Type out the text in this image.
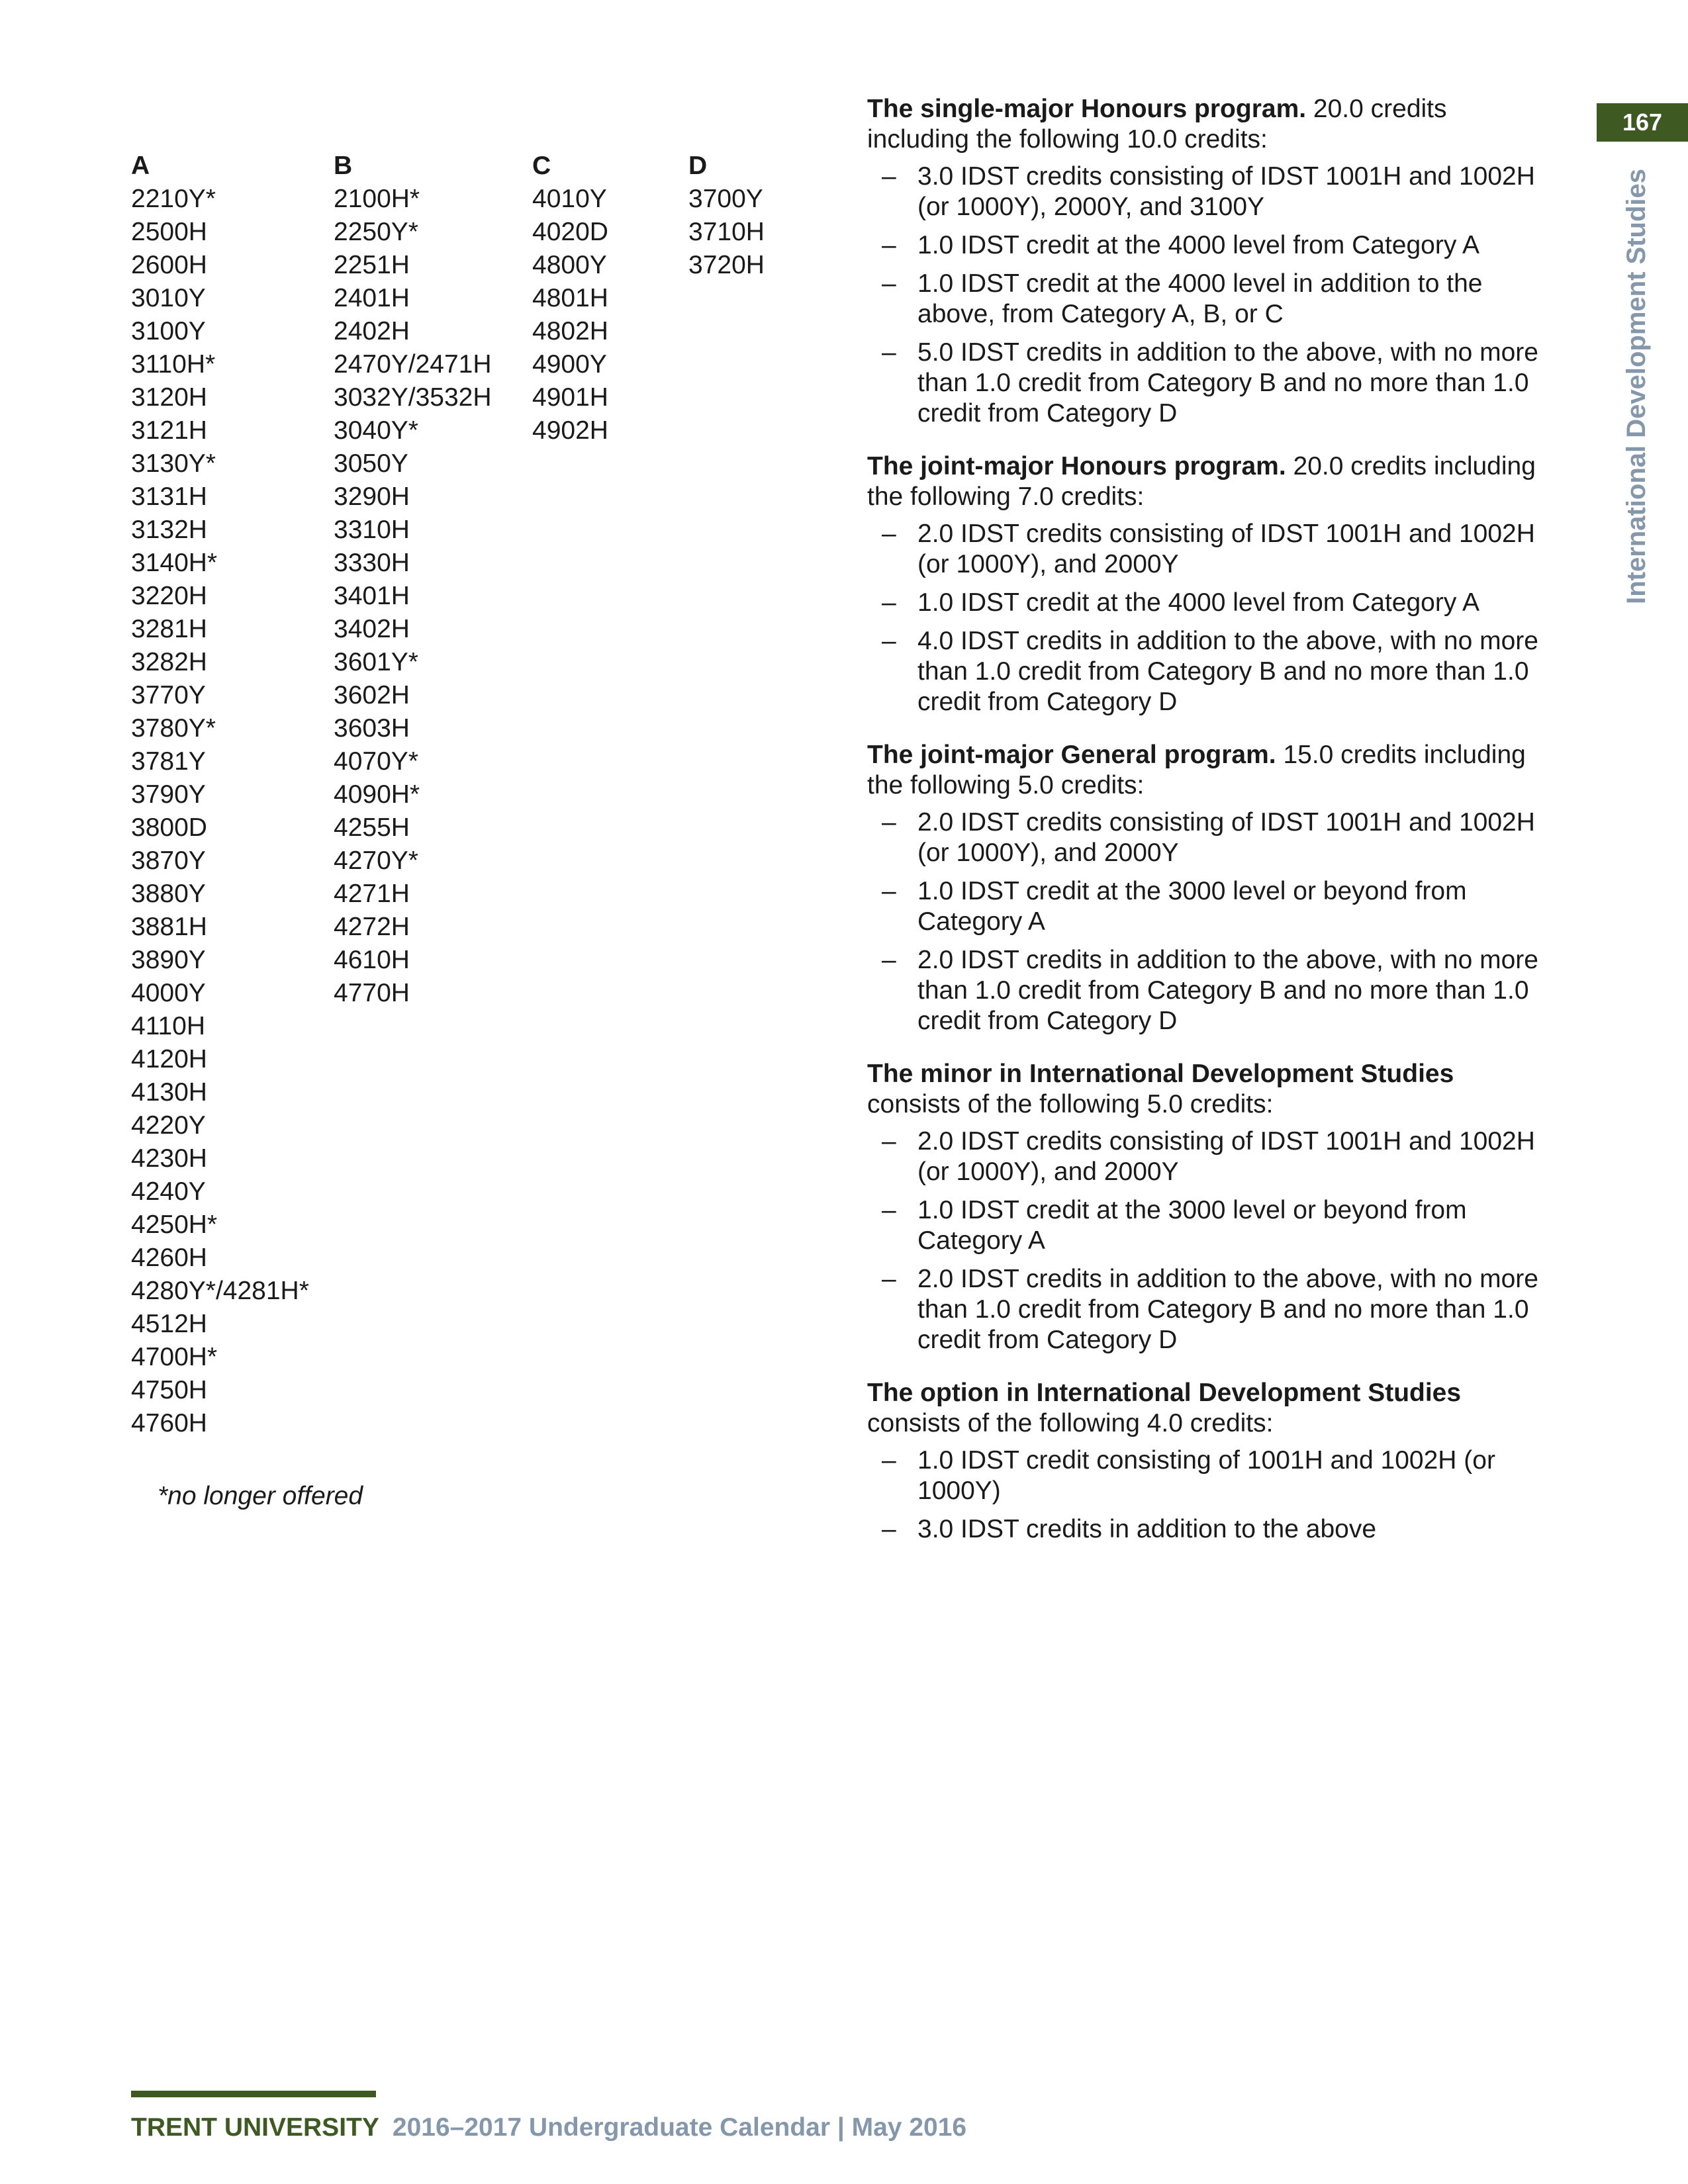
167
International Development Studies
A
2210Y*
2500H
2600H
3010Y
3100Y
3110H*
3120H
3121H
3130Y*
3131H
3132H
3140H*
3220H
3281H
3282H
3770Y
3780Y*
3781Y
3790Y
3800D
3870Y
3880Y
3881H
3890Y
4000Y
4110H
4120H
4130H
4220Y
4230H
4240Y
4250H*
4260H
4280Y*/4281H*
4512H
4700H*
4750H
4760H
B
2100H*
2250Y*
2251H
2401H
2402H
2470Y/2471H
3032Y/3532H
3040Y*
3050Y
3290H
3310H
3330H
3401H
3402H
3601Y*
3602H
3603H
4070Y*
4090H*
4255H
4270Y*
4271H
4272H
4610H
4770H
C
4010Y
4020D
4800Y
4801H
4802H
4900Y
4901H
4902H
D
3700Y
3710H
3720H
*no longer offered
The single-major Honours program. 20.0 credits including the following 10.0 credits:
– 3.0 IDST credits consisting of IDST 1001H and 1002H (or 1000Y), 2000Y, and 3100Y
– 1.0 IDST credit at the 4000 level from Category A
– 1.0 IDST credit at the 4000 level in addition to the above, from Category A, B, or C
– 5.0 IDST credits in addition to the above, with no more than 1.0 credit from Category B and no more than 1.0 credit from Category D
The joint-major Honours program. 20.0 credits including the following 7.0 credits:
– 2.0 IDST credits consisting of IDST 1001H and 1002H (or 1000Y), and 2000Y
– 1.0 IDST credit at the 4000 level from Category A
– 4.0 IDST credits in addition to the above, with no more than 1.0 credit from Category B and no more than 1.0 credit from Category D
The joint-major General program. 15.0 credits including the following 5.0 credits:
– 2.0 IDST credits consisting of IDST 1001H and 1002H (or 1000Y), and 2000Y
– 1.0 IDST credit at the 3000 level or beyond from Category A
– 2.0 IDST credits in addition to the above, with no more than 1.0 credit from Category B and no more than 1.0 credit from Category D
The minor in International Development Studies consists of the following 5.0 credits:
– 2.0 IDST credits consisting of IDST 1001H and 1002H (or 1000Y), and 2000Y
– 1.0 IDST credit at the 3000 level or beyond from Category A
– 2.0 IDST credits in addition to the above, with no more than 1.0 credit from Category B and no more than 1.0 credit from Category D
The option in International Development Studies consists of the following 4.0 credits:
– 1.0 IDST credit consisting of 1001H and 1002H (or 1000Y)
– 3.0 IDST credits in addition to the above
TRENT UNIVERSITY 2016–2017 Undergraduate Calendar | May 2016
